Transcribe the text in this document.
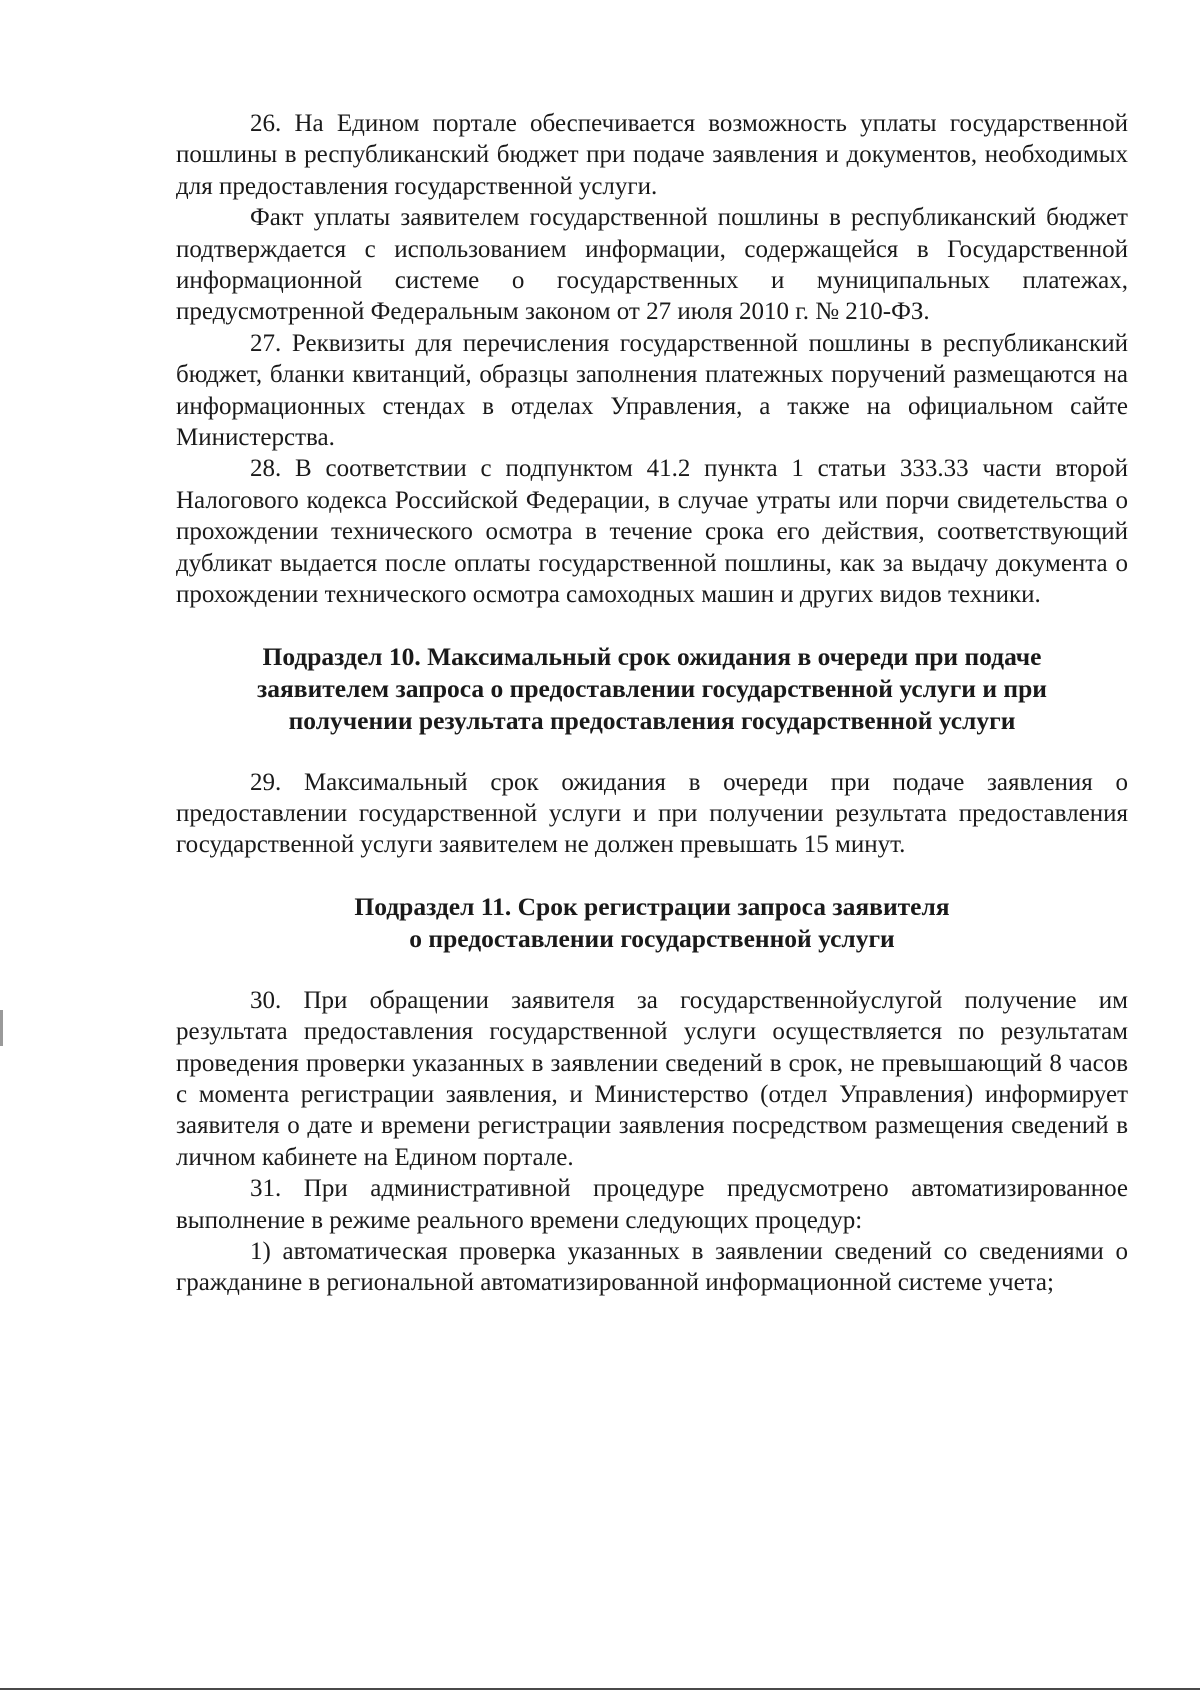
26. На Едином портале обеспечивается возможность уплаты государственной пошлины в республиканский бюджет при подаче заявления и документов, необходимых для предоставления государственной услуги.

Факт уплаты заявителем государственной пошлины в республиканский бюджет подтверждается с использованием информации, содержащейся в Государственной информационной системе о государственных и муниципальных платежах, предусмотренной Федеральным законом от 27 июля 2010 г. № 210-ФЗ.

27. Реквизиты для перечисления государственной пошлины в республиканский бюджет, бланки квитанций, образцы заполнения платежных поручений размещаются на информационных стендах в отделах Управления, а также на официальном сайте Министерства.

28. В соответствии с подпунктом 41.2 пункта 1 статьи 333.33 части второй Налогового кодекса Российской Федерации, в случае утраты или порчи свидетельства о прохождении технического осмотра в течение срока его действия, соответствующий дубликат выдается после оплаты государственной пошлины, как за выдачу документа о прохождении технического осмотра самоходных машин и других видов техники.

Подраздел 10. Максимальный срок ожидания в очереди при подаче заявителем запроса о предоставлении государственной услуги и при получении результата предоставления государственной услуги

29. Максимальный срок ожидания в очереди при подаче заявления о предоставлении государственной услуги и при получении результата предоставления государственной услуги заявителем не должен превышать 15 минут.

Подраздел 11. Срок регистрации запроса заявителя
о предоставлении государственной услуги

30. При обращении заявителя за государственнойуслугой получение им результата предоставления государственной услуги осуществляется по результатам проведения проверки указанных в заявлении сведений в срок, не превышающий 8 часов с момента регистрации заявления, и Министерство (отдел Управления) информирует заявителя о дате и времени регистрации заявления посредством размещения сведений в личном кабинете на Едином портале.

31. При административной процедуре предусмотрено автоматизированное выполнение в режиме реального времени следующих процедур:

1) автоматическая проверка указанных в заявлении сведений со сведениями о гражданине в региональной автоматизированной информационной системе учета;
